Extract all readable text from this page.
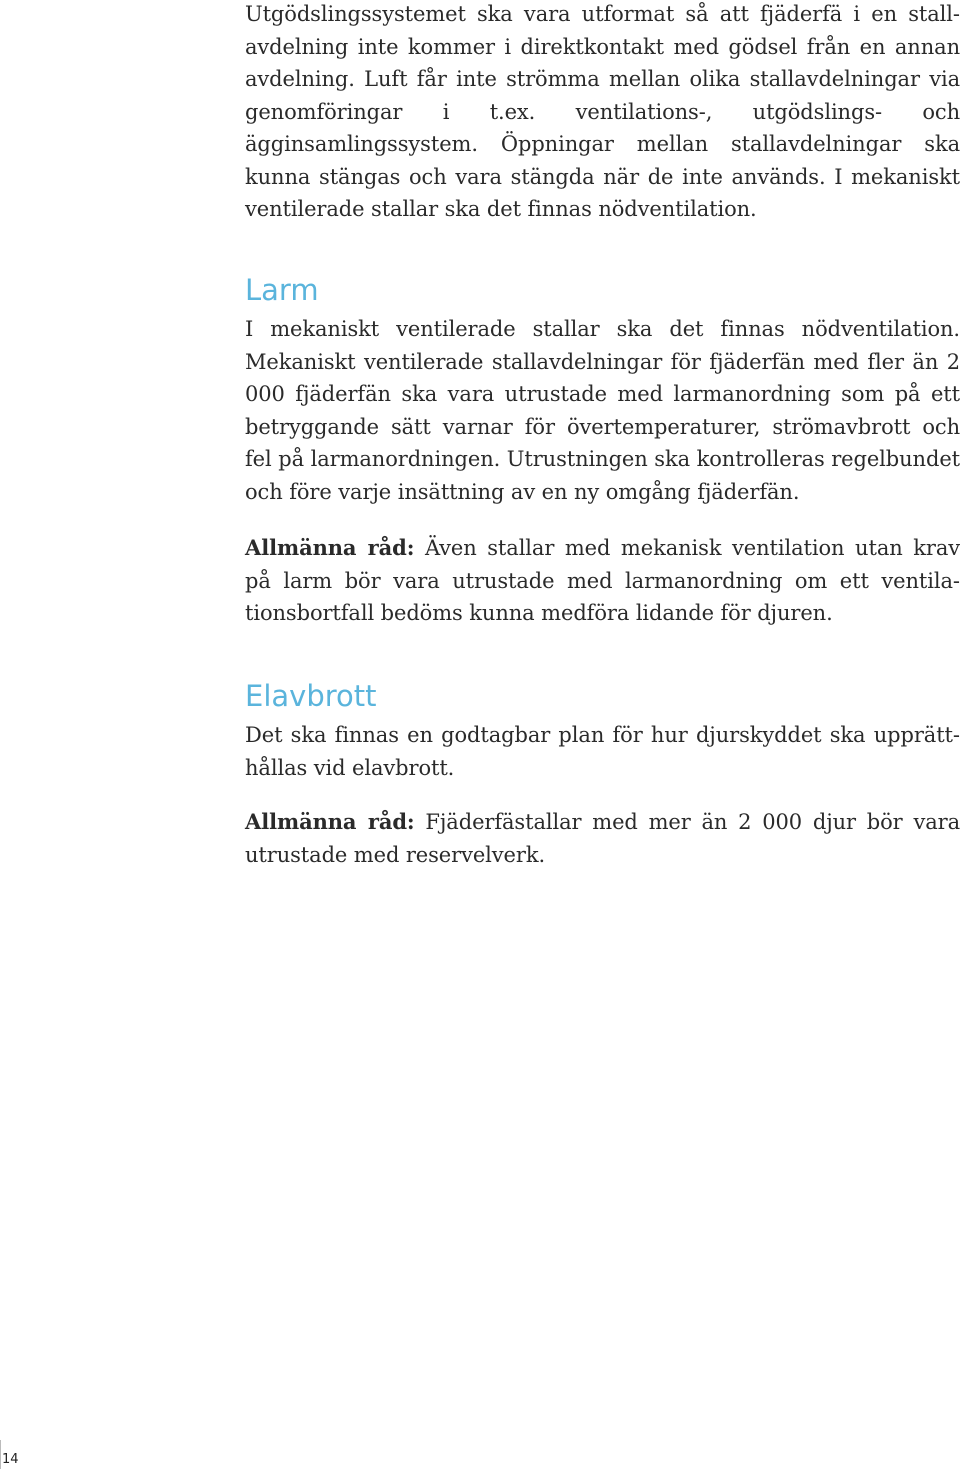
Utgödslingssystemet ska vara utformat så att fjäderfä i en stallavdelning inte kommer i direktkontakt med gödsel från en annan avdelning. Luft får inte strömma mellan olika stallavdelningar via genomföringar i t.ex. ventilations-, utgödslings- och ägginsamlingssystem. Öppningar mellan stallavdelningar ska kunna stängas och vara stängda när de inte används. I mekaniskt ventilerade stallar ska det finnas nödventilation.

Larm

I mekaniskt ventilerade stallar ska det finnas nödventilation. Mekaniskt ventilerade stallavdelningar för fjäderfän med fler än 2 000 fjäderfän ska vara utrustade med larmanordning som på ett betryggande sätt varnar för övertemperaturer, strömavbrott och fel på larmanordningen. Utrustningen ska kontrolleras regelbundet och före varje insättning av en ny omgång fjäderfän.

Allmänna råd: Även stallar med mekanisk ventilation utan krav på larm bör vara utrustade med larmanordning om ett ventilationsbortfall bedöms kunna medföra lidande för djuren.

Elavbrott

Det ska finnas en godtagbar plan för hur djurskyddet ska upprätthållas vid elavbrott.

Allmänna råd: Fjäderfästallar med mer än 2 000 djur bör vara utrustade med reservelverk.

14
